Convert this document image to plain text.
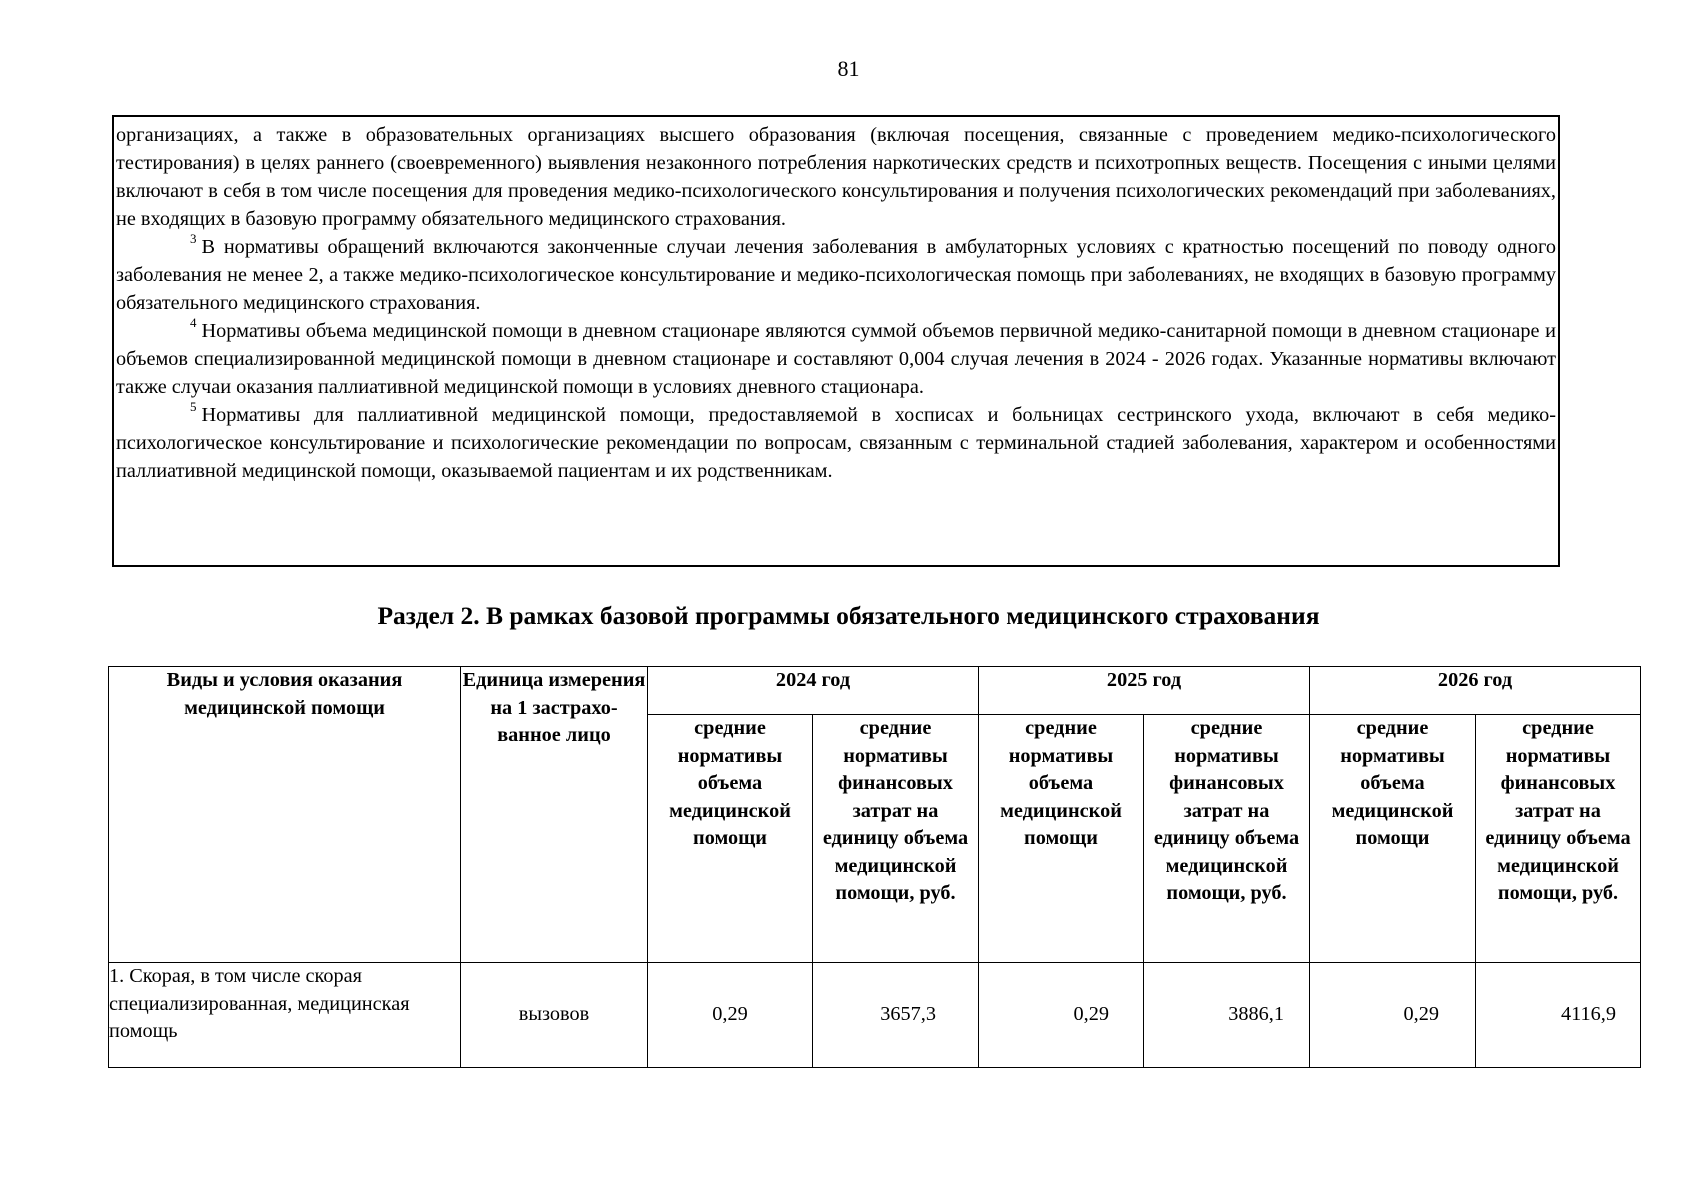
81

организациях, а также в образовательных организациях высшего образования (включая посещения, связанные с проведением медико-психологического тестирования) в целях раннего (своевременного) выявления незаконного потребления наркотических средств и психотропных веществ. Посещения с иными целями включают в себя в том числе посещения для проведения медико-психологического консультирования и получения психологических рекомендаций при заболеваниях, не входящих в базовую программу обязательного медицинского страхования.

$^3$ В нормативы обращений включаются законченные случаи лечения заболевания в амбулаторных условиях с кратностью посещений по поводу одного заболевания не менее 2, а также медико-психологическое консультирование и медико-психологическая помощь при заболеваниях, не входящих в базовую программу обязательного медицинского страхования.

$^4$ Нормативы объема медицинской помощи в дневном стационаре являются суммой объемов первичной медико-санитарной помощи в дневном стационаре и объемов специализированной медицинской помощи в дневном стационаре и составляют 0,004 случая лечения в 2024 - 2026 годах. Указанные нормативы включают также случаи оказания паллиативной медицинской помощи в условиях дневного стационара.

$^5$ Нормативы для паллиативной медицинской помощи, предоставляемой в хосписах и больницах сестринского ухода, включают в себя медико-психологическое консультирование и психологические рекомендации по вопросам, связанным с терминальной стадией заболевания, характером и особенностями паллиативной медицинской помощи, оказываемой пациентам и их родственникам.

Раздел 2. В рамках базовой программы обязательного медицинского страхования
Виды и условия оказания медицинской помощи	Единица измерения на 1 застрахо-ванное лицо	2024 год		2025 год		2026 год	
		средние нормативы объема медицинской помощи	средние нормативы финансовых затрат на единицу объема медицинской помощи, руб.	средние нормативы объема медицинской помощи	средние нормативы финансовых затрат на единицу объема медицинской помощи, руб.	средние нормативы объема медицинской помощи	средние нормативы финансовых затрат на единицу объема медицинской помощи, руб.
1. Скорая, в том числе скорая специализированная, медицинская помощь	вызовов	0,29	3657,3	0,29	3886,1	0,29	4116,9
